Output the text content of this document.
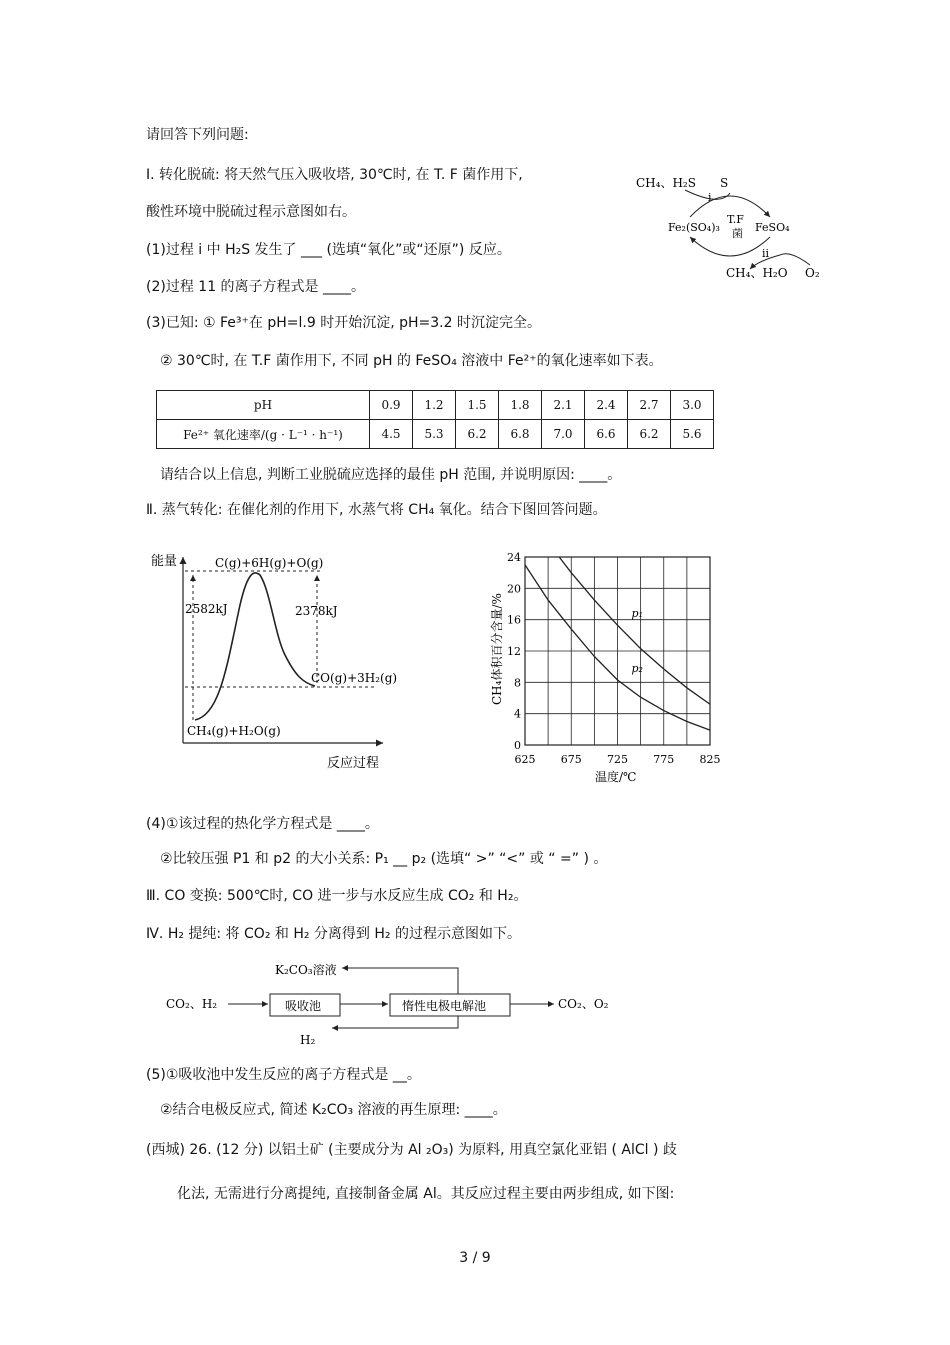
请回答下列问题:
I. 转化脱硫: 将天然气压入吸收塔, 30℃时, 在 T. F 菌作用下,
酸性环境中脱硫过程示意图如右。
(1)过程 i 中 H₂S 发生了 ___ (选填“氧化”或“还原”) 反应。
(2)过程 11 的离子方程式是 ____。
(3)已知: ① Fe³⁺在 pH=l.9 时开始沉淀, pH=3.2 时沉淀完全。
② 30℃时, 在 T.F 菌作用下, 不同 pH 的 FeSO₄ 溶液中 Fe²⁺的氧化速率如下表。
CH₄、H₂S S
i
Fe₂(SO₄)₃
T.F
菌 FeSO₄
ii
CH₄、H₂O O₂
pH	0.9	1.2	1.5	1.8	2.1	2.4	2.7	3.0
Fe²⁺ 氧化速率/(g · L⁻¹ · h⁻¹)	4.5	5.3	6.2	6.8	7.0	6.6	6.2	5.6
请结合以上信息, 判断工业脱硫应选择的最佳 pH 范围, 并说明原因: ____。
Ⅱ. 蒸气转化: 在催化剂的作用下, 水蒸气将 CH₄ 氧化。结合下图回答问题。
能量	C(g)+6H(g)+O(g)
2582kJ	2378kJ
CO(g)+3H₂(g)
CH₄(g)+H₂O(g)
反应过程
0
4
8
12
16
20
24
625 675 725 775 825
p₁
p₂
CH₄体积百分含量/%
温度/℃
(4)①该过程的热化学方程式是 ____。
②比较压强 P1 和 p2 的大小关系: P₁ __ p₂ (选填“ >” “<” 或 “ =” ) 。
Ⅲ. CO 变换: 500℃时, CO 进一步与水反应生成 CO₂ 和 H₂。
Ⅳ. H₂ 提纯: 将 CO₂ 和 H₂ 分离得到 H₂ 的过程示意图如下。
K₂CO₃溶液
CO₂、H₂	吸收池	惰性电极电解池	CO₂、O₂
H₂
(5)①吸收池中发生反应的离子方程式是 __。
②结合电极反应式, 简述 K₂CO₃ 溶液的再生原理: ____。
(西城) 26. (12 分) 以铝土矿 (主要成分为 Al ₂O₃) 为原料, 用真空氯化亚铝 ( AlCl ) 歧
化法, 无需进行分离提纯, 直接制备金属 Al。其反应过程主要由两步组成, 如下图:
3 / 9
